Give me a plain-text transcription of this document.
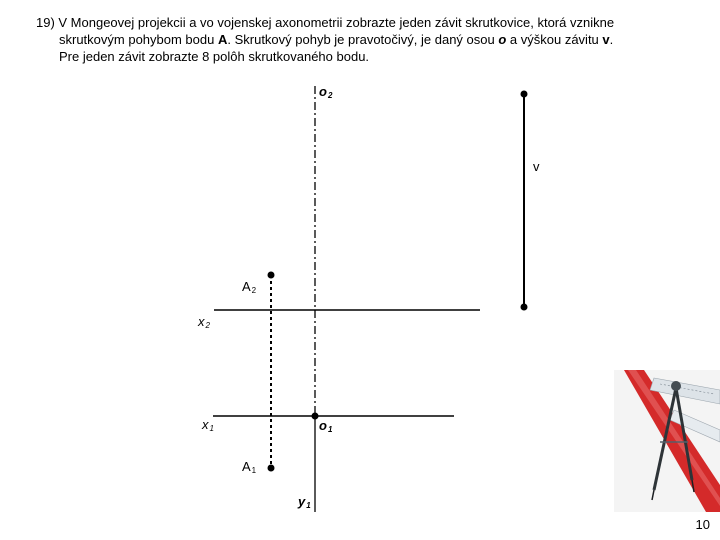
19) V Mongeovej projekcii a vo vojenskej axonometrii zobrazte jeden závit skrutkovice, ktorá vznikne
skrutkovým pohybom bodu A. Skrutkový pohyb je pravotočivý, je daný osou o a výškou závitu v.
Pre jeden závit zobrazte 8 polôh skrutkovaného bodu.
$o_2$
v
$A_2$
$x_2$
$x_1$	$o_1$
$A_1$
$y_1$
10
